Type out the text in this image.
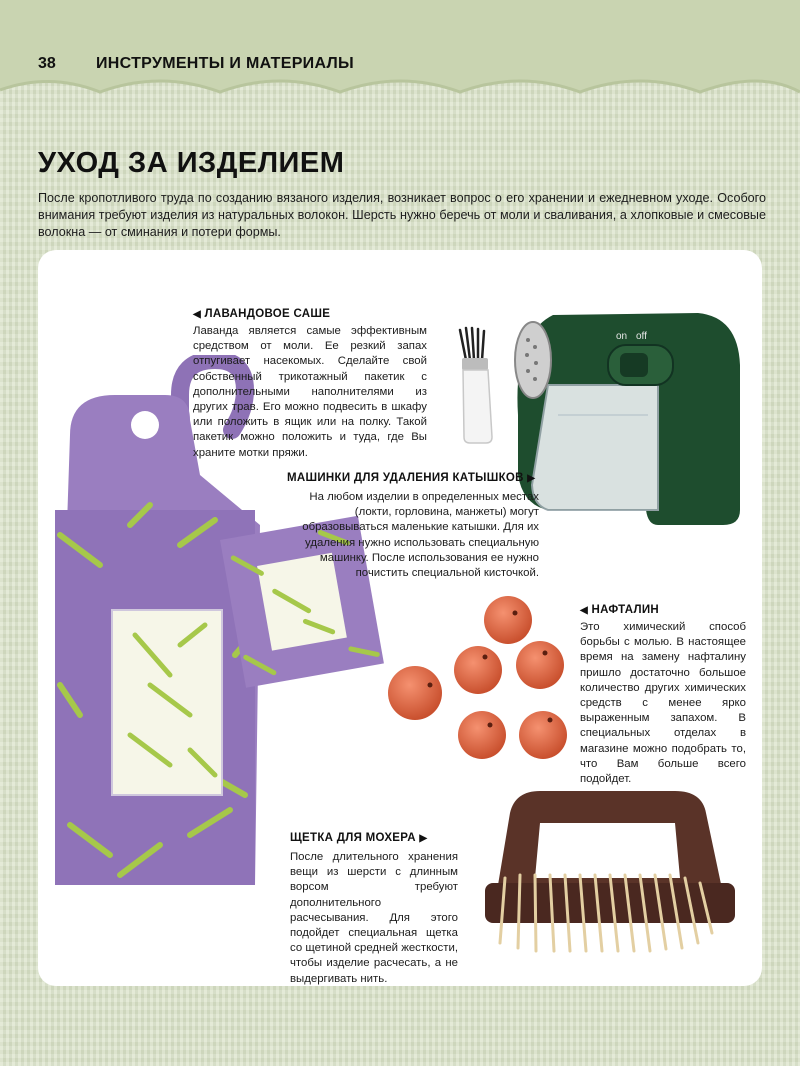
38	ИНСТРУМЕНТЫ И МАТЕРИАЛЫ
УХОД ЗА ИЗДЕЛИЕМ
После кропотливого труда по созданию вязаного изделия, возникает вопрос о его хранении и ежедневном уходе. Особого внимания требуют изделия из натуральных волокон. Шерсть нужно беречь от моли и сваливания, а хлопковые и смесовые волокна — от сминания и потери формы.
◀ ЛАВАНДОВОЕ САШЕ
Лаванда является самые эффективным средством от моли. Ее резкий запах отпугивает насекомых. Сделайте свой собственный трикотажный пакетик с дополнительными наполнителями из других трав. Его можно подвесить в шкафу или положить в ящик или на полку. Такой пакетик можно положить и туда, где Вы храните мотки пряжи.
on off
МАШИНКИ ДЛЯ УДАЛЕНИЯ КАТЫШКОВ ▶
На любом изделии в определенных местах (локти, горловина, манжеты) могут образовываться маленькие катышки. Для их удаления нужно использовать специальную машинку. После использования ее нужно почистить специальной кисточкой.
◀ НАФТАЛИН
Это химический способ борьбы с молью. В настоящее время на замену нафталину пришло достаточно большое количество других химических средств с менее ярко выраженным запахом. В специальных отделах в магазине можно подобрать то, что Вам больше всего подойдет.
ЩЕТКА ДЛЯ МОХЕРА ▶
После длительного хранения вещи из шерсти с длинным ворсом требуют дополнительного расчесывания. Для этого подойдет специальная щетка со щетиной средней жесткости, чтобы изделие расчесать, а не выдергивать нить.
